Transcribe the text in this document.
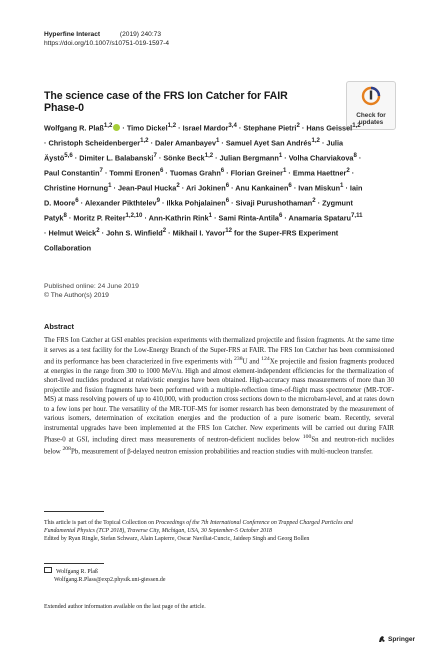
Hyperfine Interact	(2019) 240:73
https://doi.org/10.1007/s10751-019-1597-4
The science case of the FRS Ion Catcher for FAIR Phase-0
Check for
updates
Wolfgang R. Plaß$^{1,2}$ · Timo Dickel$^{1,2}$ · Israel Mardor$^{3,4}$ · Stephane Pietri$^2$ · Hans Geissel$^{1,2}$ · Christoph Scheidenberger$^{1,2}$ · Daler Amanbayev$^1$ · Samuel Ayet San Andrés$^{1,2}$ · Julia Äystö$^{5,6}$ · Dimiter L. Balabanski$^7$ · Sönke Beck$^{1,2}$ · Julian Bergmann$^1$ · Volha Charviakova$^8$ · Paul Constantin$^7$ · Tommi Eronen$^6$ · Tuomas Grahn$^6$ · Florian Greiner$^1$ · Emma Haettner$^2$ · Christine Hornung$^1$ · Jean-Paul Hucka$^2$ · Ari Jokinen$^6$ · Anu Kankainen$^6$ · Ivan Miskun$^1$ · Iain D. Moore$^6$ · Alexander Pikthtelev$^9$ · Ilkka Pohjalainen$^6$ · Sivaji Purushothaman$^2$ · Zygmunt Patyk$^8$ · Moritz P. Reiter$^{1,2,10}$ · Ann-Kathrin Rink$^1$ · Sami Rinta-Antila$^6$ · Anamaria Spataru$^{7,11}$ · Helmut Weick$^2$ · John S. Winfield$^2$ · Mikhail I. Yavor$^{12}$ for the Super-FRS Experiment Collaboration
Published online: 24 June 2019
© The Author(s) 2019
Abstract

The FRS Ion Catcher at GSI enables precision experiments with thermalized projectile and fission fragments. At the same time it serves as a test facility for the Low-Energy Branch of the Super-FRS at FAIR. The FRS Ion Catcher has been commissioned and its performance has been characterized in five experiments with $^{238}$U and $^{124}$Xe projectile and fission fragments produced at energies in the range from 300 to 1000 MeV/u. High and almost element-independent efficiencies for the thermalization of short-lived nuclides produced at relativistic energies have been obtained. High-accuracy mass measurements of more than 30 projectile and fission fragments have been performed with a multiple-reflection time-of-flight mass spectrometer (MR-TOF-MS) at mass resolving powers of up to 410,000, with production cross sections down to the microbarn-level, and at rates down to a few ions per hour. The versatility of the MR-TOF-MS for isomer research has been demonstrated by the measurement of various isomers, determination of excitation energies and the production of a pure isomeric beam. Recently, several instrumental upgrades have been implemented at the FRS Ion Catcher. New experiments will be carried out during FAIR Phase-0 at GSI, including direct mass measurements of neutron-deficient nuclides below $^{100}$Sn and neutron-rich nuclides below $^{208}$Pb, measurement of β-delayed neutron emission probabilities and reaction studies with multi-nucleon transfer.

This article is part of the Topical Collection on Proceedings of the 7th International Conference on Trapped Charged Particles and Fundamental Physics (TCP 2018), Traverse City, Michigan, USA, 30 September-5 October 2018
Edited by Ryan Ringle, Stefan Schwarz, Alain Lapierre, Oscar Naviliat-Cuncic, Jaideep Singh and Georg Bollen
Wolfgang R. Plaß
Wolfgang.R.Plass@exp2.physik.uni-giessen.de
Extended author information available on the last page of the article.
Springer
